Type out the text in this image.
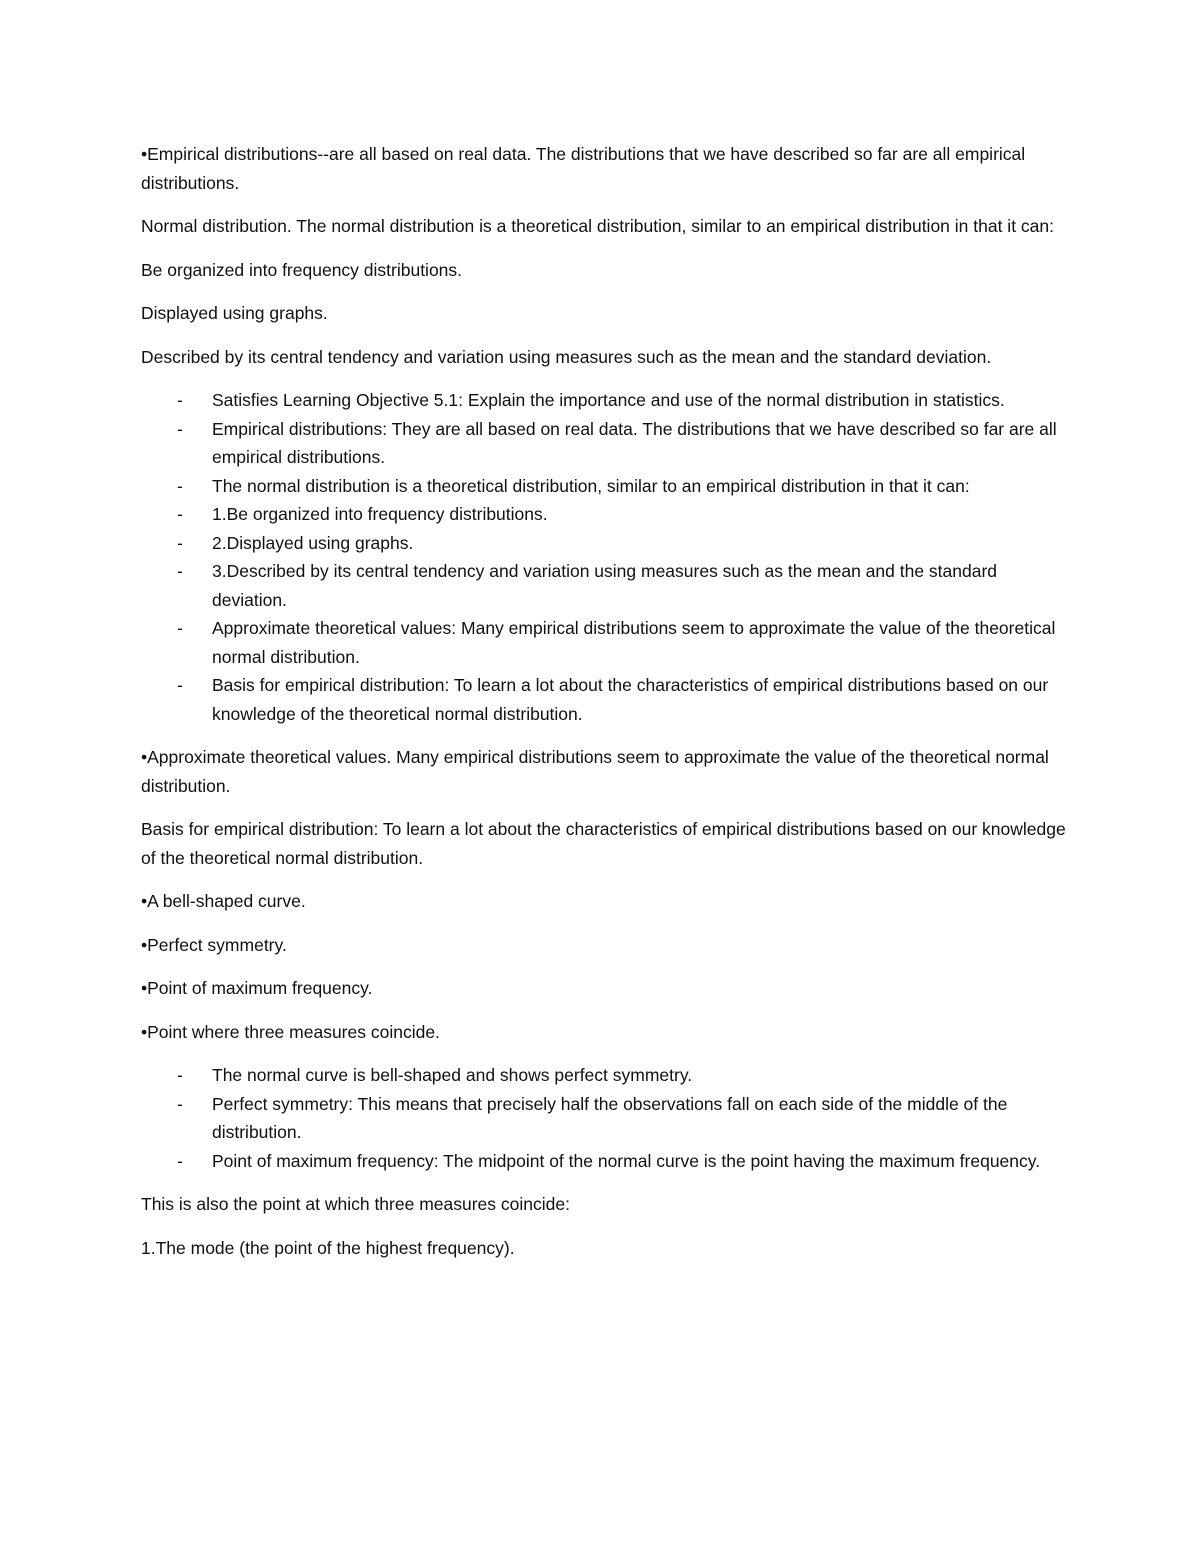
•Empirical distributions--are all based on real data. The distributions that we have described so far are all empirical distributions.

Normal distribution. The normal distribution is a theoretical distribution, similar to an empirical distribution in that it can:

Be organized into frequency distributions.

Displayed using graphs.

Described by its central tendency and variation using measures such as the mean and the standard deviation.

- Satisfies Learning Objective 5.1: Explain the importance and use of the normal distribution in statistics.
- Empirical distributions: They are all based on real data. The distributions that we have described so far are all empirical distributions.
- The normal distribution is a theoretical distribution, similar to an empirical distribution in that it can:
- 1.Be organized into frequency distributions.
- 2.Displayed using graphs.
- 3.Described by its central tendency and variation using measures such as the mean and the standard deviation.
- Approximate theoretical values: Many empirical distributions seem to approximate the value of the theoretical normal distribution.
- Basis for empirical distribution: To learn a lot about the characteristics of empirical distributions based on our knowledge of the theoretical normal distribution.

•Approximate theoretical values. Many empirical distributions seem to approximate the value of the theoretical normal distribution.

Basis for empirical distribution: To learn a lot about the characteristics of empirical distributions based on our knowledge of the theoretical normal distribution.

•A bell-shaped curve.

•Perfect symmetry.

•Point of maximum frequency.

•Point where three measures coincide.

- The normal curve is bell-shaped and shows perfect symmetry.
- Perfect symmetry: This means that precisely half the observations fall on each side of the middle of the distribution.
- Point of maximum frequency: The midpoint of the normal curve is the point having the maximum frequency.

This is also the point at which three measures coincide:

1.The mode (the point of the highest frequency).
